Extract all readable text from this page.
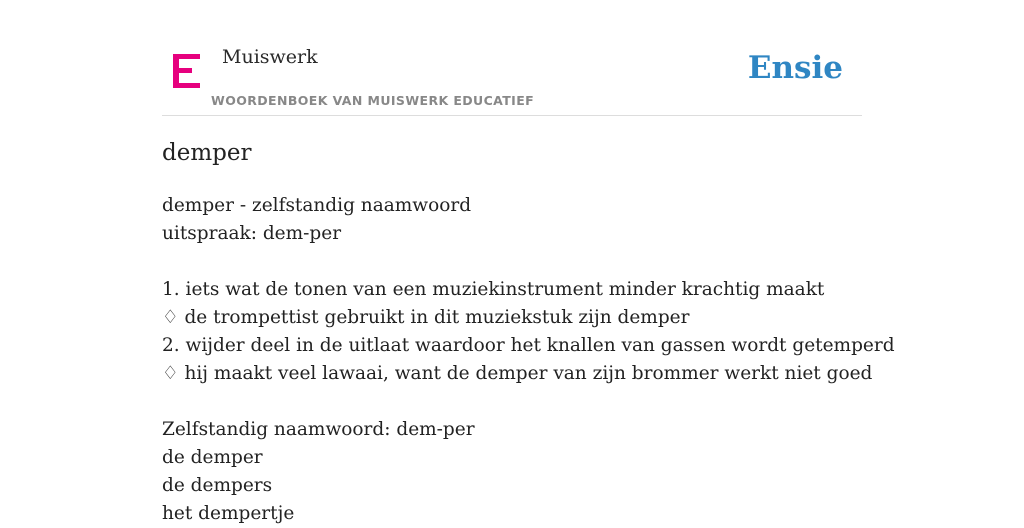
Muiswerk
WOORDENBOEK VAN MUISWERK EDUCATIEF
Ensie
demper
demper - zelfstandig naamwoord
uitspraak: dem-per
1. iets wat de tonen van een muziekinstrument minder krachtig maakt
♢ de trompettist gebruikt in dit muziekstuk zijn demper
2. wijder deel in de uitlaat waardoor het knallen van gassen wordt getemperd
♢ hij maakt veel lawaai, want de demper van zijn brommer werkt niet goed
Zelfstandig naamwoord: dem-per
de demper
de dempers
het dempertje
